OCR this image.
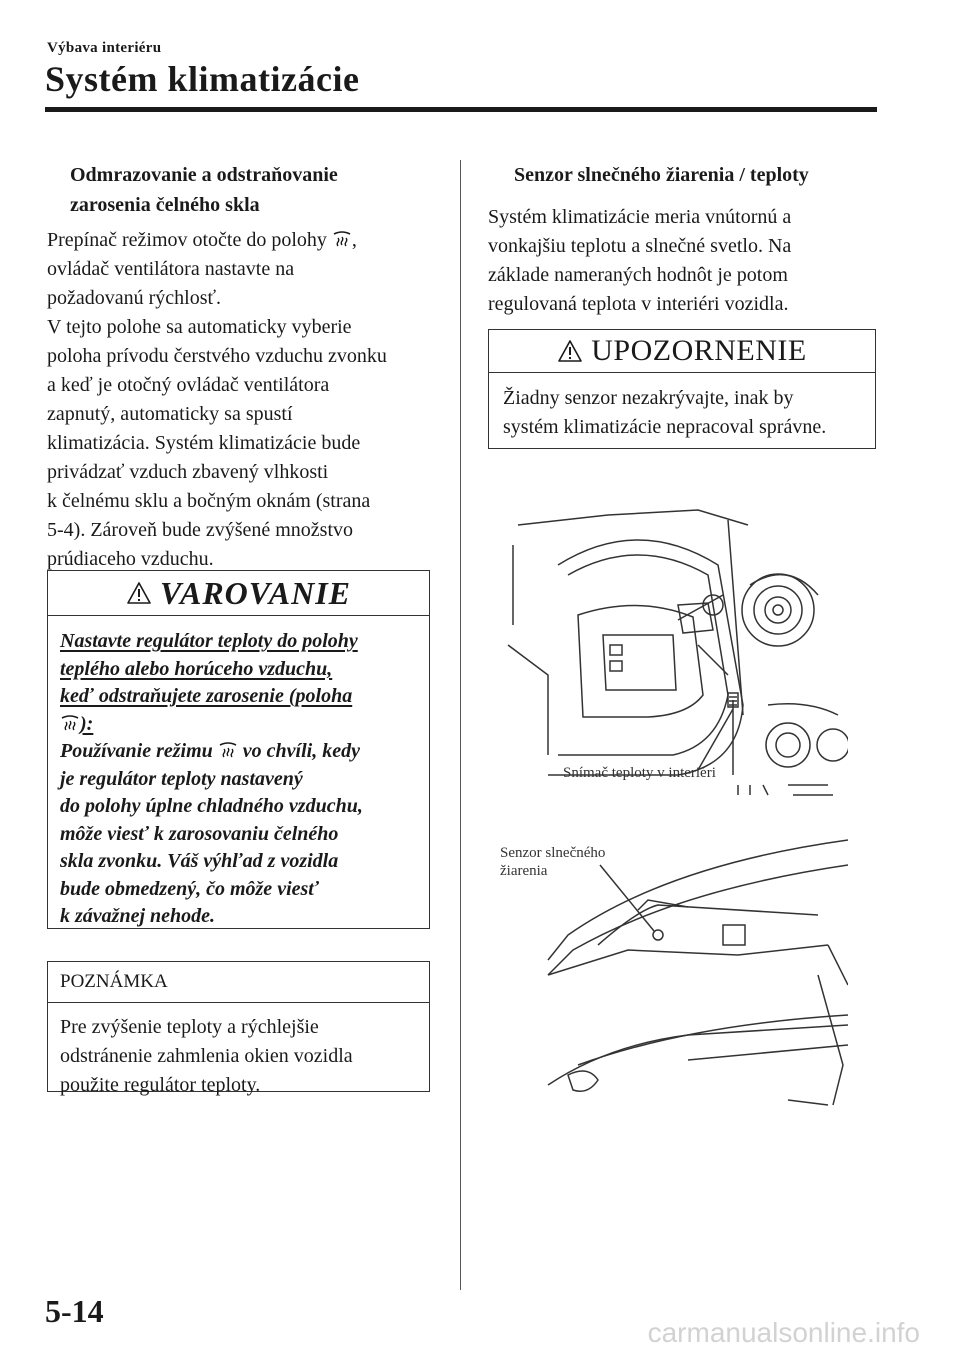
Výbava interiéru
Systém klimatizácie
Odmrazovanie a odstraňovanie
zarosenia čelného skla
Prepínač režimov otočte do polohy ,
ovládač ventilátora nastavte na
požadovanú rýchlosť.
V tejto polohe sa automaticky vyberie
poloha prívodu čerstvého vzduchu zvonku
a keď je otočný ovládač ventilátora
zapnutý, automaticky sa spustí
klimatizácia. Systém klimatizácie bude
privádzať vzduch zbavený vlhkosti
k čelnému sklu a bočným oknám (strana
5-4). Zároveň bude zvýšené množstvo
prúdiaceho vzduchu.
VAROVANIE
Nastavte regulátor teploty do polohy
teplého alebo horúceho vzduchu,
keď odstraňujete zarosenie (poloha
):
Používanie režimu vo chvíli, kedy
je regulátor teploty nastavený
do polohy úplne chladného vzduchu,
môže viesť k zarosovaniu čelného
skla zvonku. Váš výhľad z vozidla
bude obmedzený, čo môže viesť
k závažnej nehode.
POZNÁMKA
Pre zvýšenie teploty a rýchlejšie
odstránenie zahmlenia okien vozidla
použite regulátor teploty.
Senzor slnečného žiarenia / teploty
Systém klimatizácie meria vnútornú a
vonkajšiu teplotu a slnečné svetlo. Na
základe nameraných hodnôt je potom
regulovaná teplota v interiéri vozidla.
UPOZORNENIE
Žiadny senzor nezakrývajte, inak by
systém klimatizácie nepracoval správne.
Snímač teploty v interiéri
Senzor slnečného
žiarenia
5-14
carmanualsonline.info
